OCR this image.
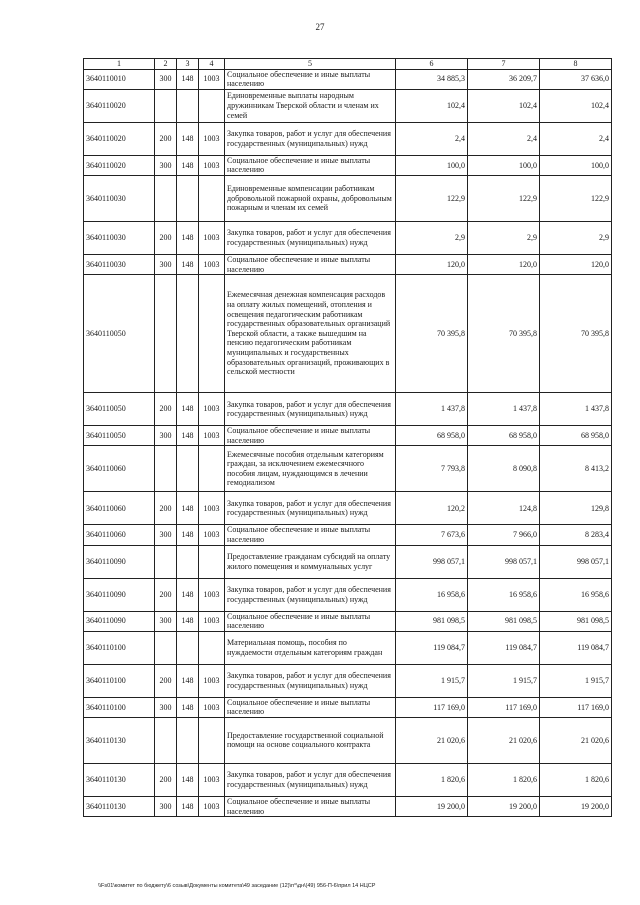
27
1	2	3	4	5	6	7	8
3640110010	300	148	1003	Социальное обеспечение и иные выплаты населению	34 885,3	36 209,7	37 636,0
3640110020				Единовременные выплаты народным дружинникам Тверской области и членам их семей	102,4	102,4	102,4
3640110020	200	148	1003	Закупка товаров, работ и услуг для обеспечения государственных (муниципальных) нужд	2,4	2,4	2,4
3640110020	300	148	1003	Социальное обеспечение и иные выплаты населению	100,0	100,0	100,0
3640110030				Единовременные компенсации работникам добровольной пожарной охраны, добровольным пожарным и членам их семей	122,9	122,9	122,9
3640110030	200	148	1003	Закупка товаров, работ и услуг для обеспечения государственных (муниципальных) нужд	2,9	2,9	2,9
3640110030	300	148	1003	Социальное обеспечение и иные выплаты населению	120,0	120,0	120,0
3640110050				Ежемесячная денежная компенсация расходов на оплату жилых помещений, отопления и освещения педагогическим работникам государственных образовательных организаций Тверской области, а также вышедшим на пенсию педагогическим работникам муниципальных и государственных образовательных организаций, проживающих в сельской местности	70 395,8	70 395,8	70 395,8
3640110050	200	148	1003	Закупка товаров, работ и услуг для обеспечения государственных (муниципальных) нужд	1 437,8	1 437,8	1 437,8
3640110050	300	148	1003	Социальное обеспечение и иные выплаты населению	68 958,0	68 958,0	68 958,0
3640110060				Ежемесячные пособия отдельным категориям граждан, за исключением ежемесячного пособия лицам, нуждающимся в лечении гемодиализом	7 793,8	8 090,8	8 413,2
3640110060	200	148	1003	Закупка товаров, работ и услуг для обеспечения государственных (муниципальных) нужд	120,2	124,8	129,8
3640110060	300	148	1003	Социальное обеспечение и иные выплаты населению	7 673,6	7 966,0	8 283,4
3640110090				Предоставление гражданам субсидий на оплату жилого помещения и коммунальных услуг	998 057,1	998 057,1	998 057,1
3640110090	200	148	1003	Закупка товаров, работ и услуг для обеспечения государственных (муниципальных) нужд	16 958,6	16 958,6	16 958,6
3640110090	300	148	1003	Социальное обеспечение и иные выплаты населению	981 098,5	981 098,5	981 098,5
3640110100				Материальная помощь, пособия по нуждаемости отдельным категориям граждан	119 084,7	119 084,7	119 084,7
3640110100	200	148	1003	Закупка товаров, работ и услуг для обеспечения государственных (муниципальных) нужд	1 915,7	1 915,7	1 915,7
3640110100	300	148	1003	Социальное обеспечение и иные выплаты населению	117 169,0	117 169,0	117 169,0
3640110130				Предоставление государственной социальной помощи на основе социального контракта	21 020,6	21 020,6	21 020,6
3640110130	200	148	1003	Закупка товаров, работ и услуг для обеспечения государственных (муниципальных) нужд	1 820,6	1 820,6	1 820,6
3640110130	300	148	1003	Социальное обеспечение и иные выплаты населению	19 200,0	19 200,0	19 200,0
\\Fs01\комитет по бюджету\6 созыв\Документы комитета\49 заседание (12)\п°\дн\(49) 956-П-6\прил 14 НЦСР
